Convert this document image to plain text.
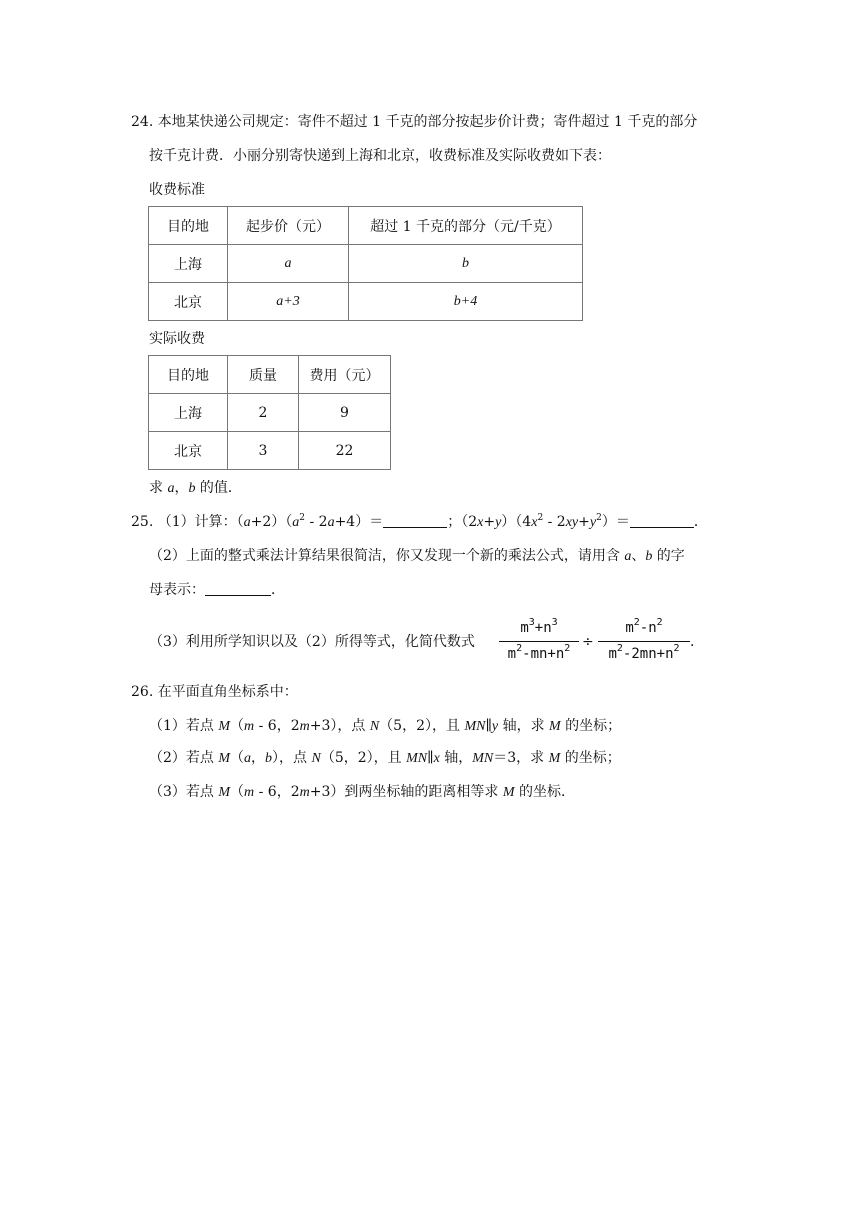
24. 本地某快递公司规定：寄件不超过 1 千克的部分按起步价计费；寄件超过 1 千克的部分
按千克计费．小丽分别寄快递到上海和北京，收费标准及实际收费如下表：
收费标准
目的地	起步价（元）	超过 1 千克的部分（元/千克）
上海	a	b
北京	a+3	b+4
实际收费
目的地	质量	费用（元）
上海	2	9
北京	3	22
求 a，b 的值．
25. （1）计算：$(a+2)(a^2 - 2a+4)=$	；$(2x+y)(4x^2 - 2xy+y^2)=$	．
（2）上面的整式乘法计算结果很简洁，你又发现一个新的乘法公式，请用含 a、b 的字
母表示：	．
（3）利用所学知识以及（2）所得等式，化简代数式
$m^3+n^3$
$m^2-mn+n^2$ ÷
$m^2-n^2$
$m^2-2mn+n^2$ .
26. 在平面直角坐标系中：
（1）若点 M（m - 6，2m+3），点 N（5，2），且 MN∥y 轴，求 M 的坐标；
（2）若点 M（a，b），点 N（5，2），且 MN∥x 轴，MN＝3，求 M 的坐标；
（3）若点 M（m - 6，2m+3）到两坐标轴的距离相等求 M 的坐标．
